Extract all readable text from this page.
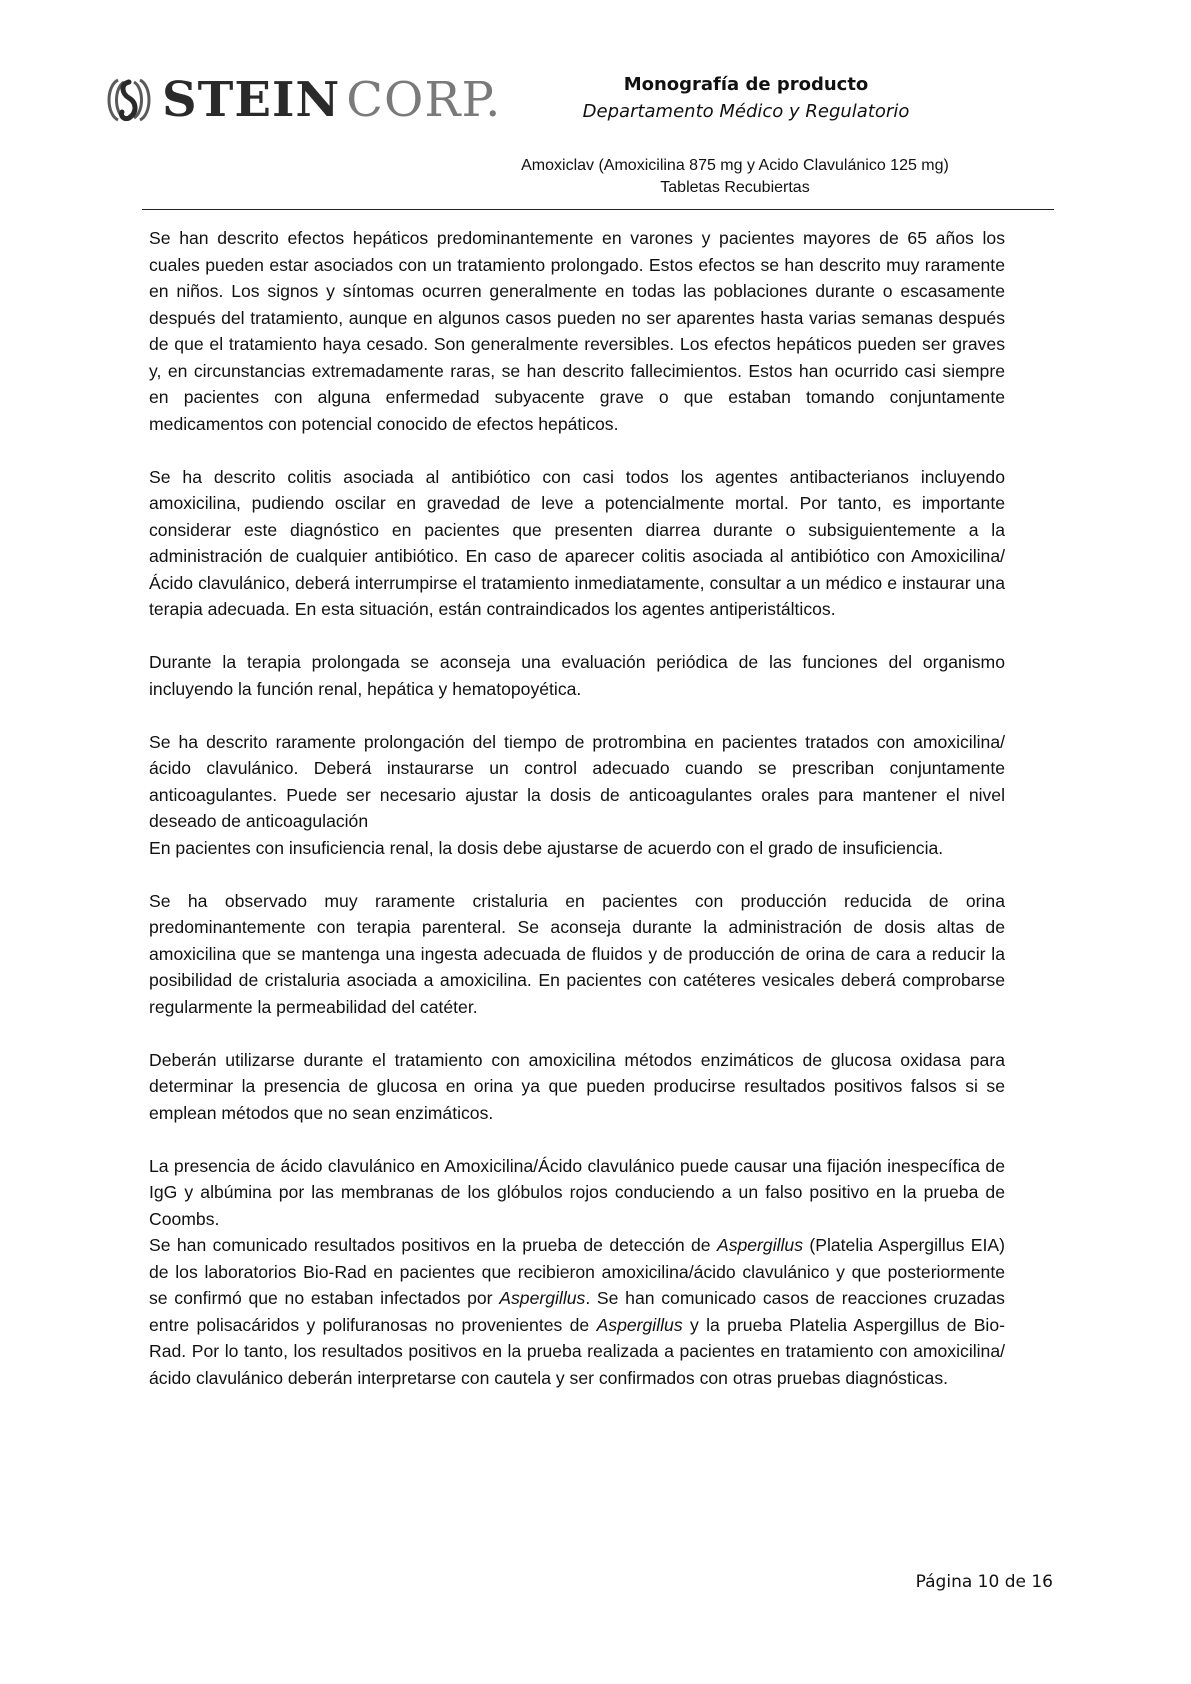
STEIN CORP.	Monografía de producto
Departamento Médico y Regulatorio
Amoxiclav (Amoxicilina 875 mg y Acido Clavulánico 125 mg)
Tabletas Recubiertas

Se han descrito efectos hepáticos predominantemente en varones y pacientes mayores de 65 años los cuales pueden estar asociados con un tratamiento prolongado. Estos efectos se han descrito muy raramente en niños. Los signos y síntomas ocurren generalmente en todas las poblaciones durante o escasamente después del tratamiento, aunque en algunos casos pueden no ser aparentes hasta varias semanas después de que el tratamiento haya cesado. Son generalmente reversibles. Los efectos hepáticos pueden ser graves y, en circunstancias extremadamente raras, se han descrito fallecimientos. Estos han ocurrido casi siempre en pacientes con alguna enfermedad subyacente grave o que estaban tomando conjuntamente medicamentos con potencial conocido de efectos hepáticos.

Se ha descrito colitis asociada al antibiótico con casi todos los agentes antibacterianos incluyendo amoxicilina, pudiendo oscilar en gravedad de leve a potencialmente mortal. Por tanto, es importante considerar este diagnóstico en pacientes que presenten diarrea durante o subsiguientemente a la administración de cualquier antibiótico. En caso de aparecer colitis asociada al antibiótico con Amoxicilina/Ácido clavulánico, deberá interrumpirse el tratamiento inmediatamente, consultar a un médico e instaurar una terapia adecuada. En esta situación, están contraindicados los agentes antiperistálticos.

Durante la terapia prolongada se aconseja una evaluación periódica de las funciones del organismo incluyendo la función renal, hepática y hematopoyética.

Se ha descrito raramente prolongación del tiempo de protrombina en pacientes tratados con amoxicilina/ácido clavulánico. Deberá instaurarse un control adecuado cuando se prescriban conjuntamente anticoagulantes. Puede ser necesario ajustar la dosis de anticoagulantes orales para mantener el nivel deseado de anticoagulación

En pacientes con insuficiencia renal, la dosis debe ajustarse de acuerdo con el grado de insuficiencia.

Se ha observado muy raramente cristaluria en pacientes con producción reducida de orina predominantemente con terapia parenteral. Se aconseja durante la administración de dosis altas de amoxicilina que se mantenga una ingesta adecuada de fluidos y de producción de orina de cara a reducir la posibilidad de cristaluria asociada a amoxicilina. En pacientes con catéteres vesicales deberá comprobarse regularmente la permeabilidad del catéter.

Deberán utilizarse durante el tratamiento con amoxicilina métodos enzimáticos de glucosa oxidasa para determinar la presencia de glucosa en orina ya que pueden producirse resultados positivos falsos si se emplean métodos que no sean enzimáticos.

La presencia de ácido clavulánico en Amoxicilina/Ácido clavulánico puede causar una fijación inespecífica de IgG y albúmina por las membranas de los glóbulos rojos conduciendo a un falso positivo en la prueba de Coombs.

Se han comunicado resultados positivos en la prueba de detección de Aspergillus (Platelia Aspergillus EIA) de los laboratorios Bio-Rad en pacientes que recibieron amoxicilina/ácido clavulánico y que posteriormente se confirmó que no estaban infectados por Aspergillus. Se han comunicado casos de reacciones cruzadas entre polisacáridos y polifuranosas no provenientes de Aspergillus y la prueba Platelia Aspergillus de Bio-Rad. Por lo tanto, los resultados positivos en la prueba realizada a pacientes en tratamiento con amoxicilina/ácido clavulánico deberán interpretarse con cautela y ser confirmados con otras pruebas diagnósticas.

Página 10 de 16
